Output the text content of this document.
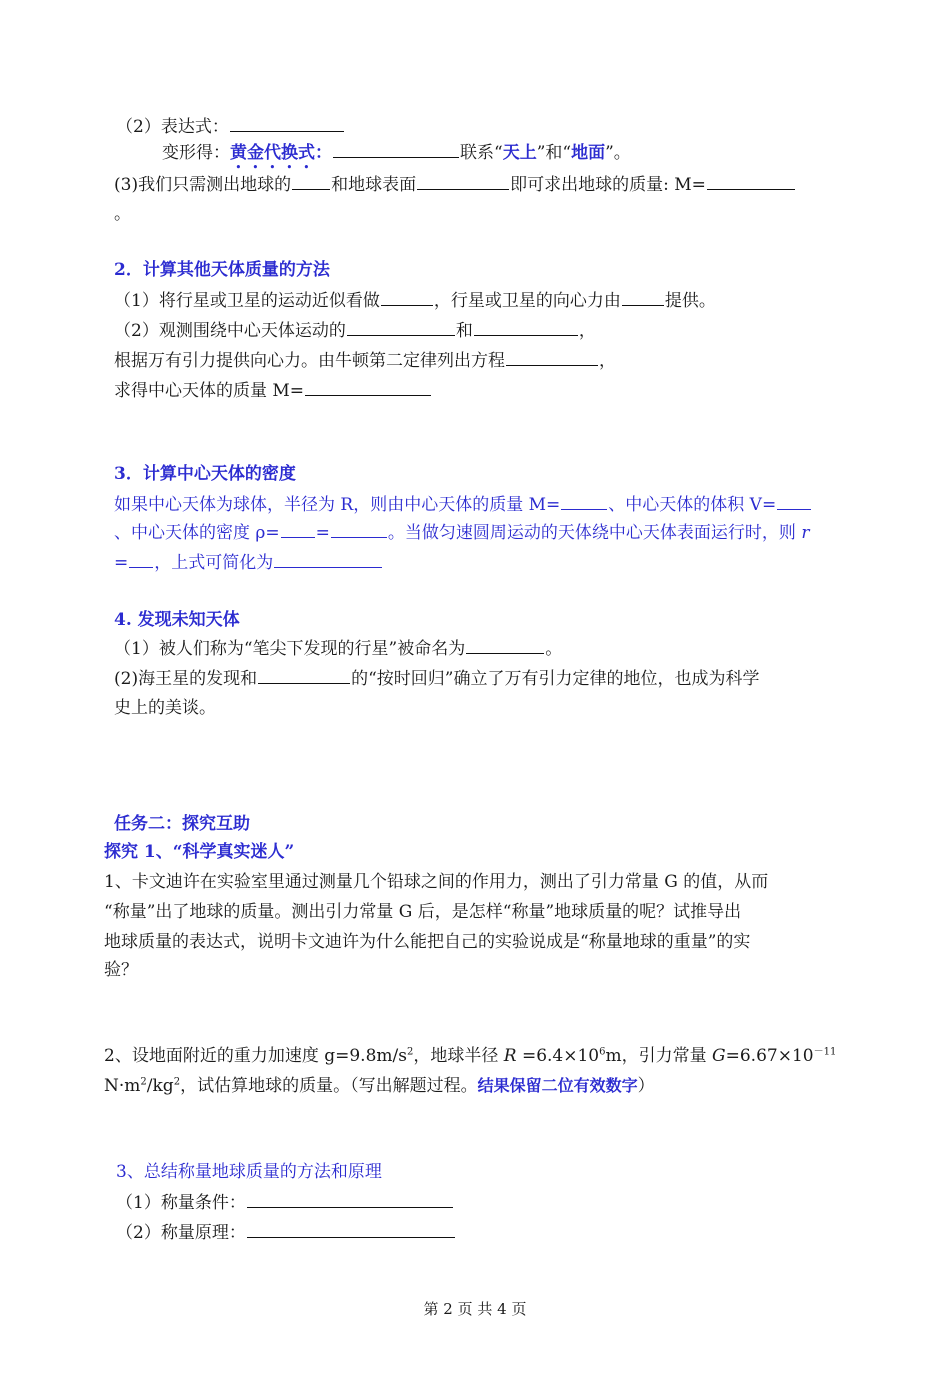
（2）表达式：
变形得：黄金代换式：	联系“天上”和“地面”。
(3)我们只需测出地球的 和地球表面	即可求出地球的质量: M=
。
2．计算其他天体质量的方法
（1）将行星或卫星的运动近似看做	，行星或卫星的向心力由	提供。
（2）观测围绕中心天体运动的	和	，
根据万有引力提供向心力。由牛顿第二定律列出方程	，
求得中心天体的质量 M=
3．计算中心天体的密度
如果中心天体为球体，半径为 R，则由中心天体的质量 M=	、中心天体的体积 V=
、中心天体的密度 ρ= =	。当做匀速圆周运动的天体绕中心天体表面运行时，则 r
= ，上式可简化为
4. 发现未知天体
（1）被人们称为“笔尖下发现的行星”被命名为	。
(2)海王星的发现和	的“按时回归”确立了万有引力定律的地位，也成为科学
史上的美谈。
任务二：探究互助
探究 1、“科学真实迷人”
1、卡文迪许在实验室里通过测量几个铅球之间的作用力，测出了引力常量 G 的值，从而
“称量”出了地球的质量。测出引力常量 G 后，是怎样“称量”地球质量的呢？试推导出
地球质量的表达式，说明卡文迪许为什么能把自己的实验说成是“称量地球的重量”的实
验？
2、设地面附近的重力加速度 $g=9.8m/s^2$，地球半径 $R =6.4\times 10^6m$，引力常量 $G=6.67\times 10^{-11}$
$N\cdot m^2/kg^2$，试估算地球的质量。（写出解题过程。结果保留二位有效数字）
3、总结称量地球质量的方法和原理
（1）称量条件：
（2）称量原理：
第 2 页 共 4 页
